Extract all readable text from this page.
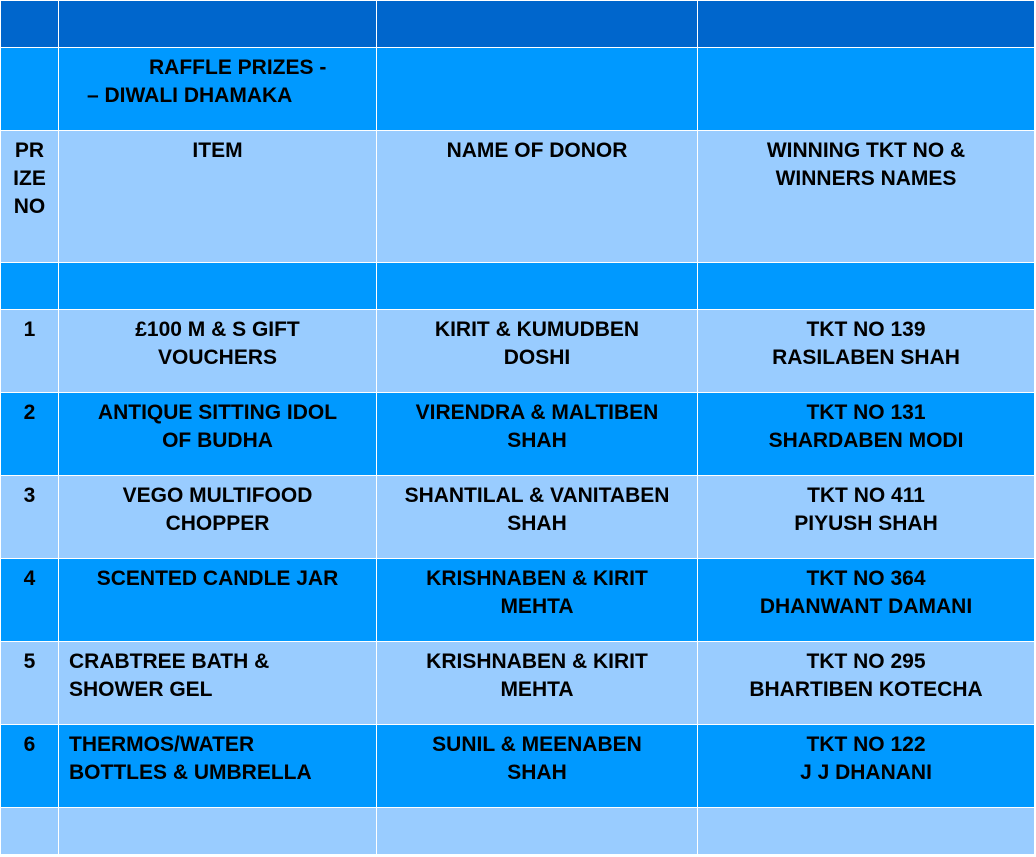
	RAFFLE PRIZES -
– DIWALI DHAMAKA		

PR
IZE
NO	ITEM	NAME OF DONOR	WINNING TKT NO &
WINNERS NAMES

1	£100 M & S GIFT
VOUCHERS	KIRIT & KUMUDBEN
DOSHI	TKT NO 139
RASILABEN SHAH

2	ANTIQUE SITTING IDOL
OF BUDHA	VIRENDRA & MALTIBEN
SHAH	TKT NO 131
SHARDABEN MODI

3	VEGO MULTIFOOD
CHOPPER	SHANTILAL & VANITABEN
SHAH	TKT NO 411
PIYUSH SHAH

4	SCENTED CANDLE JAR	KRISHNABEN & KIRIT
MEHTA	TKT NO 364
DHANWANT DAMANI

5	CRABTREE BATH &
SHOWER GEL	KRISHNABEN & KIRIT
MEHTA	TKT NO 295
BHARTIBEN KOTECHA

6	THERMOS/WATER
BOTTLES & UMBRELLA	SUNIL & MEENABEN
SHAH	TKT NO 122
J J DHANANI
